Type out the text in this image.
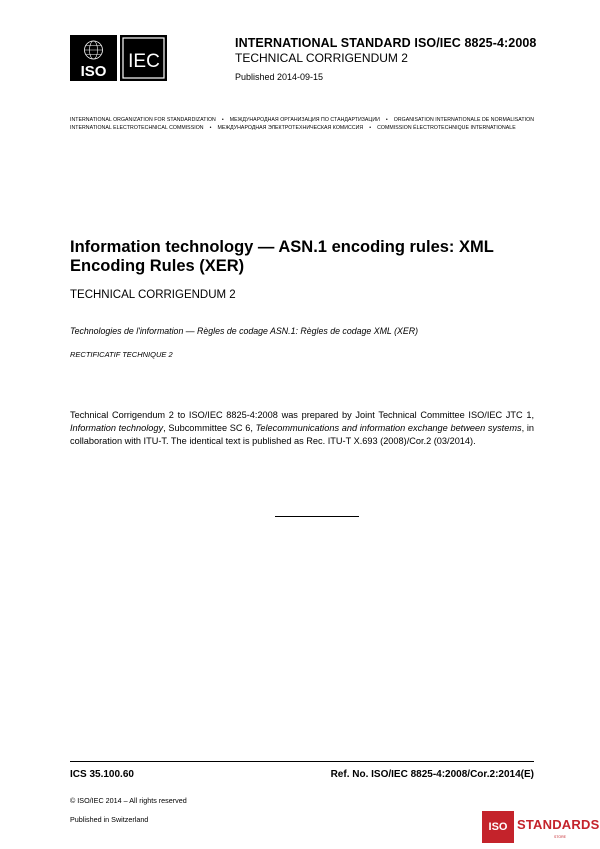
ISO IEC
INTERNATIONAL STANDARD ISO/IEC 8825-4:2008
TECHNICAL CORRIGENDUM 2
Published 2014-09-15
INTERNATIONAL ORGANIZATION FOR STANDARDIZATION • МЕЖДУНАРОДНАЯ ОРГАНИЗАЦИЯ ПО СТАНДАРТИЗАЦИИ • ORGANISATION INTERNATIONALE DE NORMALISATION
INTERNATIONAL ELECTROTECHNICAL COMMISSION • МЕЖДУНАРОДНАЯ ЭЛЕКТРОТЕХНИЧЕСКАЯ КОМИССИЯ • COMMISSION ÉLECTROTECHNIQUE INTERNATIONALE
Information technology — ASN.1 encoding rules: XML Encoding Rules (XER)
TECHNICAL CORRIGENDUM 2
Technologies de l'information — Règles de codage ASN.1: Règles de codage XML (XER)
RECTIFICATIF TECHNIQUE 2
Technical Corrigendum 2 to ISO/IEC 8825-4:2008 was prepared by Joint Technical Committee ISO/IEC JTC 1, Information technology, Subcommittee SC 6, Telecommunications and information exchange between systems, in collaboration with ITU-T. The identical text is published as Rec. ITU-T X.693 (2008)/Cor.2 (03/2014).
ICS 35.100.60	Ref. No. ISO/IEC 8825-4:2008/Cor.2:2014(E)
© ISO/IEC 2014 – All rights reserved
Published in Switzerland
ISO STANDARDS
STORE
